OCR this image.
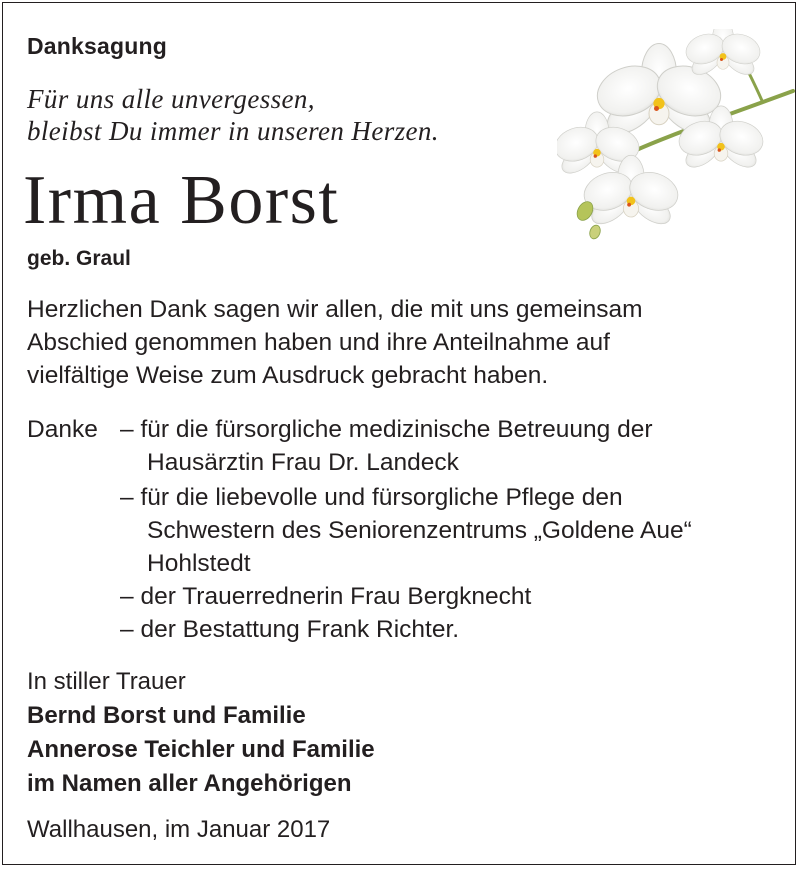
Danksagung
Für uns alle unvergessen,
bleibst Du immer in unseren Herzen.
Irma Borst
geb. Graul
Herzlichen Dank sagen wir allen, die mit uns gemeinsam
Abschied genommen haben und ihre Anteilnahme auf
vielfältige Weise zum Ausdruck gebracht haben.
Danke – für die fürsorgliche medizinische Betreuung der
Hausärztin Frau Dr. Landeck
– für die liebevolle und fürsorgliche Pflege den
Schwestern des Seniorenzentrums „Goldene Aue“
Hohlstedt
– der Trauerrednerin Frau Bergknecht
– der Bestattung Frank Richter.
In stiller Trauer
Bernd Borst und Familie
Annerose Teichler und Familie
im Namen aller Angehörigen
Wallhausen, im Januar 2017
